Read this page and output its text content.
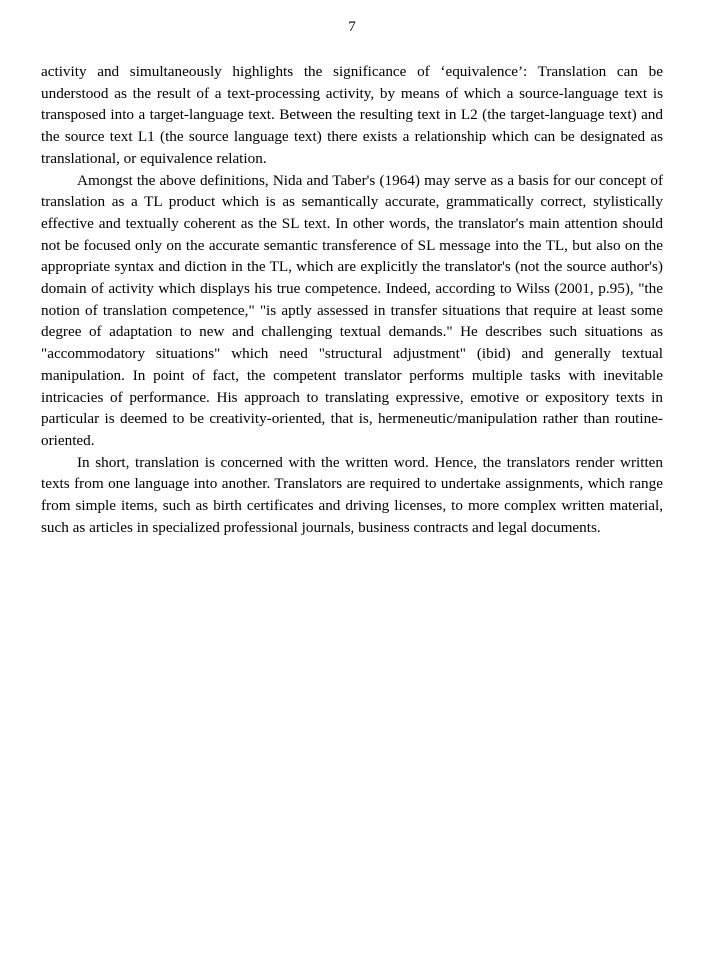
7

activity and simultaneously highlights the significance of ‘equivalence’: Translation can be understood as the result of a text-processing activity, by means of which a source-language text is transposed into a target-language text. Between the resulting text in L2 (the target-language text) and the source text L1 (the source language text) there exists a relationship which can be designated as translational, or equivalence relation.

Amongst the above definitions, Nida and Taber's (1964) may serve as a basis for our concept of translation as a TL product which is as semantically accurate, grammatically correct, stylistically effective and textually coherent as the SL text. In other words, the translator's main attention should not be focused only on the accurate semantic transference of SL message into the TL, but also on the appropriate syntax and diction in the TL, which are explicitly the translator's (not the source author's) domain of activity which displays his true competence. Indeed, according to Wilss (2001, p.95), "the notion of translation competence," "is aptly assessed in transfer situations that require at least some degree of adaptation to new and challenging textual demands." He describes such situations as "accommodatory situations" which need "structural adjustment" (ibid) and generally textual manipulation. In point of fact, the competent translator performs multiple tasks with inevitable intricacies of performance. His approach to translating expressive, emotive or expository texts in particular is deemed to be creativity-oriented, that is, hermeneutic/manipulation rather than routine-oriented.

In short, translation is concerned with the written word. Hence, the translators render written texts from one language into another. Translators are required to undertake assignments, which range from simple items, such as birth certificates and driving licenses, to more complex written material, such as articles in specialized professional journals, business contracts and legal documents.
